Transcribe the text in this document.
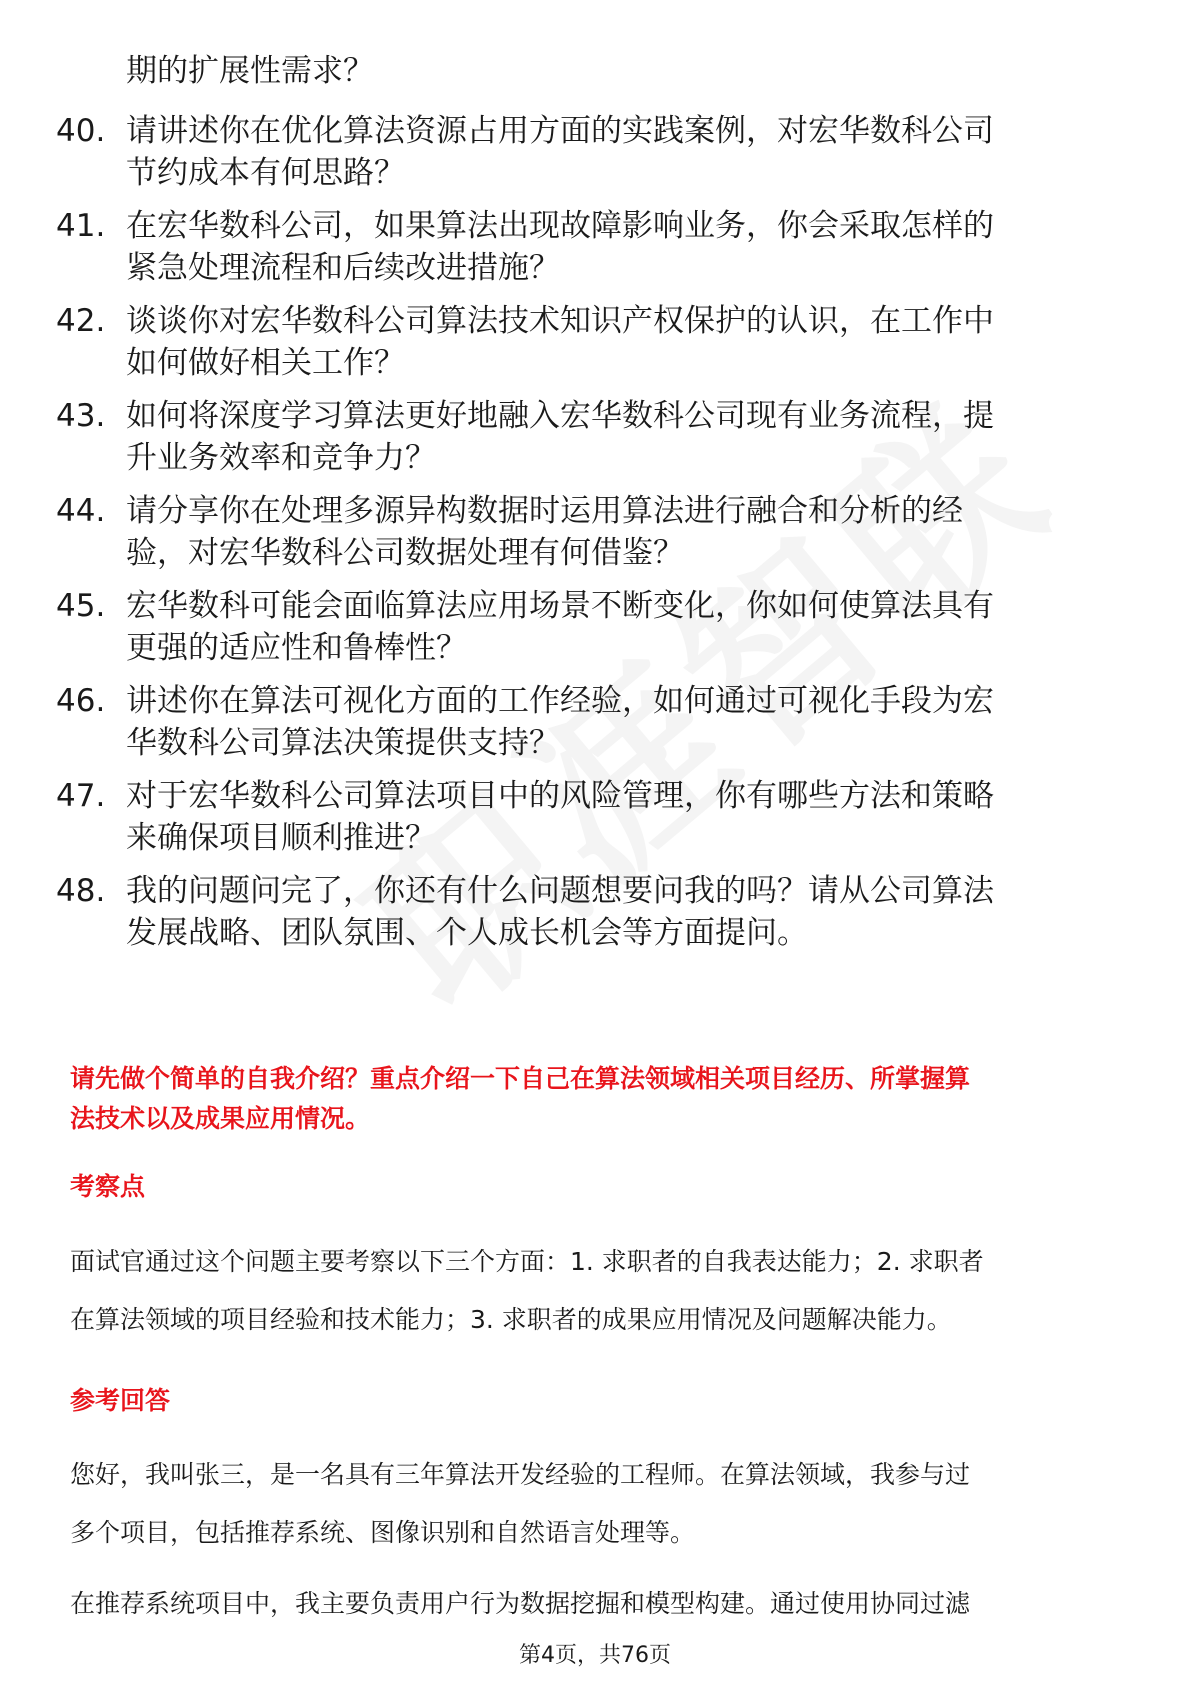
期的扩展性需求？
40. 请讲述你在优化算法资源占用方面的实践案例，对宏华数科公司
节约成本有何思路？
41. 在宏华数科公司，如果算法出现故障影响业务，你会采取怎样的
紧急处理流程和后续改进措施？
42. 谈谈你对宏华数科公司算法技术知识产权保护的认识，在工作中
如何做好相关工作？
43. 如何将深度学习算法更好地融入宏华数科公司现有业务流程，提
升业务效率和竞争力？
44. 请分享你在处理多源异构数据时运用算法进行融合和分析的经
验，对宏华数科公司数据处理有何借鉴？
45. 宏华数科可能会面临算法应用场景不断变化，你如何使算法具有
更强的适应性和鲁棒性？
46. 讲述你在算法可视化方面的工作经验，如何通过可视化手段为宏
华数科公司算法决策提供支持？
47. 对于宏华数科公司算法项目中的风险管理，你有哪些方法和策略
来确保项目顺利推进？
48. 我的问题问完了，你还有什么问题想要问我的吗？请从公司算法
发展战略、团队氛围、个人成长机会等方面提问。
请先做个简单的自我介绍？重点介绍一下自己在算法领域相关项目经历、所掌握算
法技术以及成果应用情况。
考察点
面试官通过这个问题主要考察以下三个方面：1. 求职者的自我表达能力；2. 求职者
在算法领域的项目经验和技术能力；3. 求职者的成果应用情况及问题解决能力。
参考回答
您好，我叫张三，是一名具有三年算法开发经验的工程师。在算法领域，我参与过
多个项目，包括推荐系统、图像识别和自然语言处理等。
在推荐系统项目中，我主要负责用户行为数据挖掘和模型构建。通过使用协同过滤
第4页，共76页
